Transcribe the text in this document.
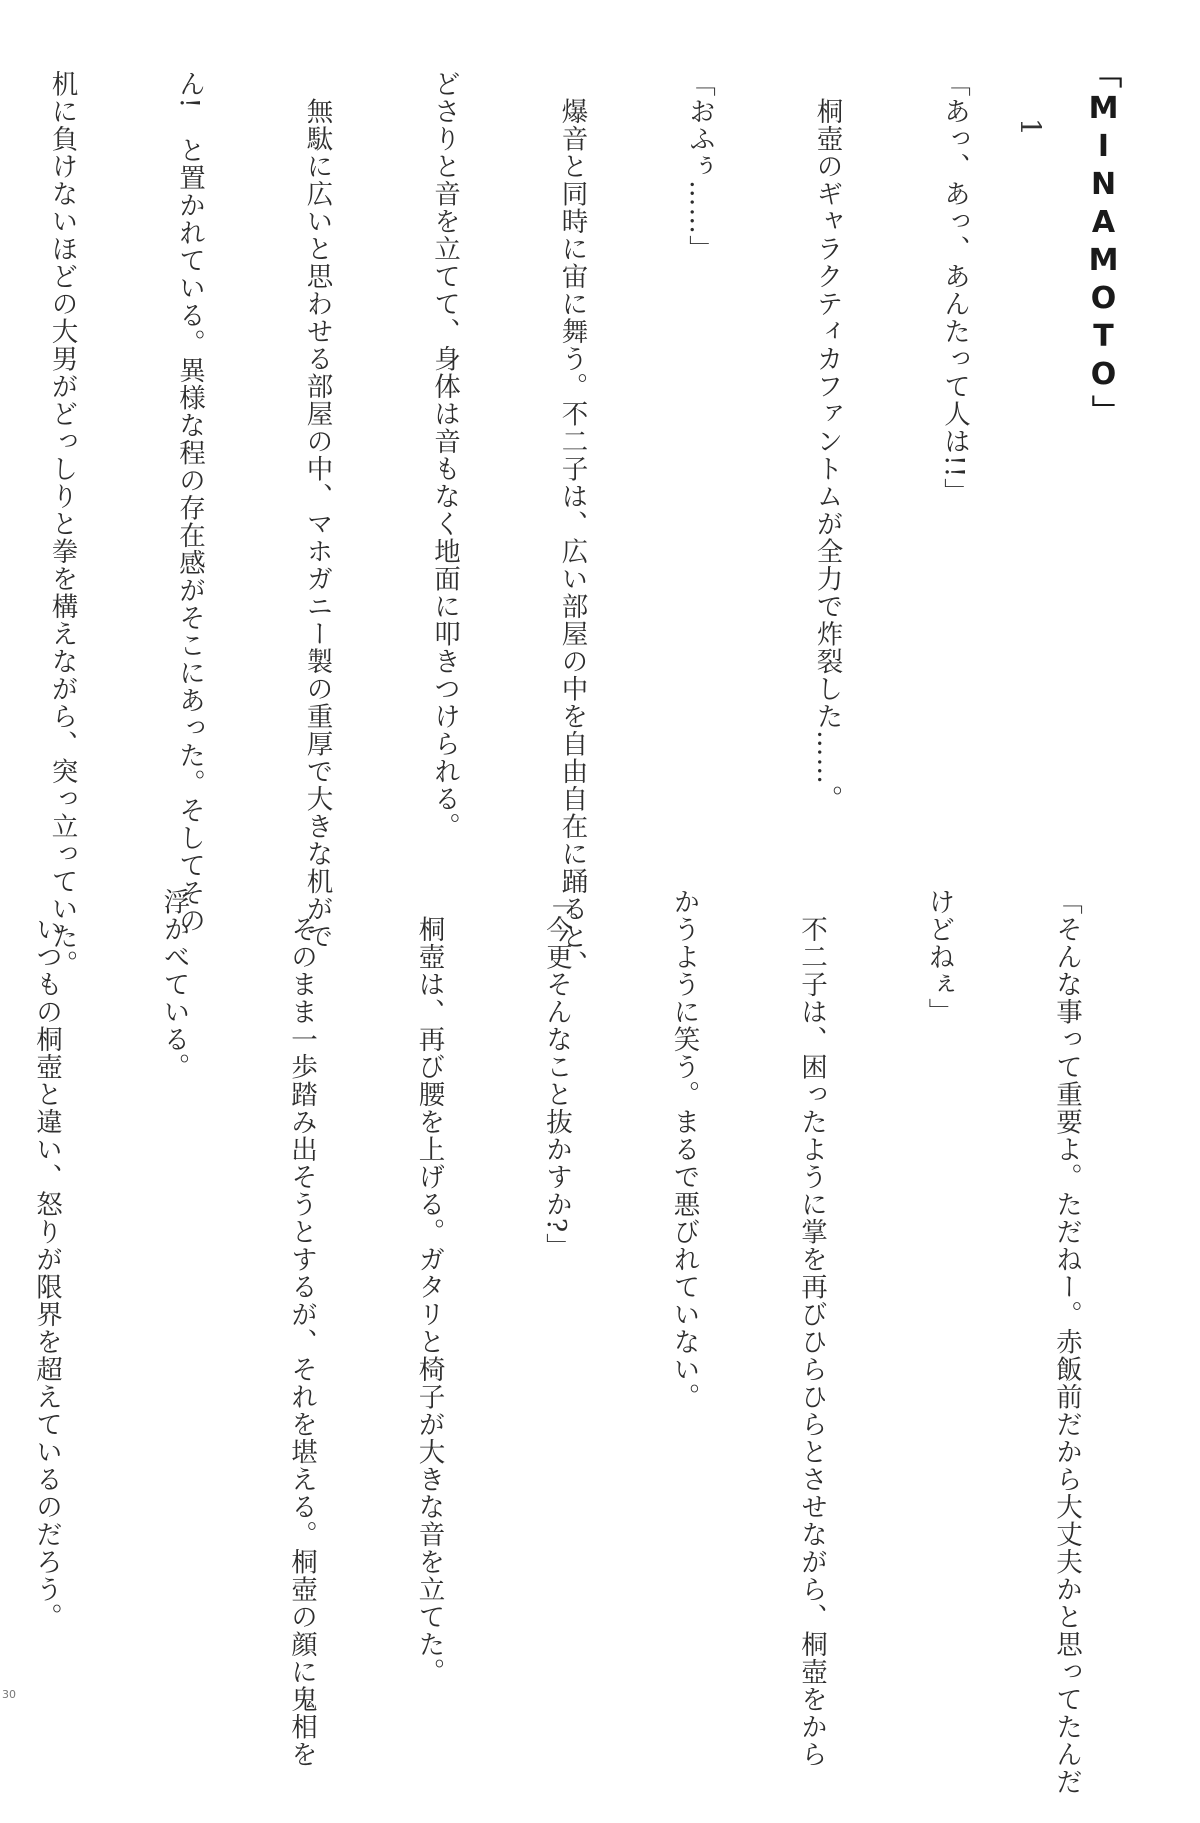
「MINAMOTO」
1

「あっ、あっ、あんたって人は!!」

　桐壺のギャラクティカファントムが全力で炸裂した……。

「おふぅ……」

　爆音と同時に宙に舞う。不二子は、広い部屋の中を自由自在に踊ると、

どさりと音を立てて、身体は音もなく地面に叩きつけられる。

　無駄に広いと思わせる部屋の中、マホガニー製の重厚で大きな机がで

ん!　と置かれている。異様な程の存在感がそこにあった。そしてその

机に負けないほどの大男がどっしりと拳を構えながら、突っ立っていた。

「そんな事って重要よ。ただねー。赤飯前だから大丈夫かと思ってたんだ

けどねぇ」

　不二子は、困ったように掌を再びひらひらとさせながら、桐壺をから

かうように笑う。まるで悪びれていない。

「今更そんなこと抜かすか?」

　桐壺は、再び腰を上げる。ガタリと椅子が大きな音を立てた。

　そのまま一歩踏み出そうとするが、それを堪える。桐壺の顔に鬼相を

浮かべている。

　いつもの桐壺と違い、怒りが限界を超えているのだろう。

30
